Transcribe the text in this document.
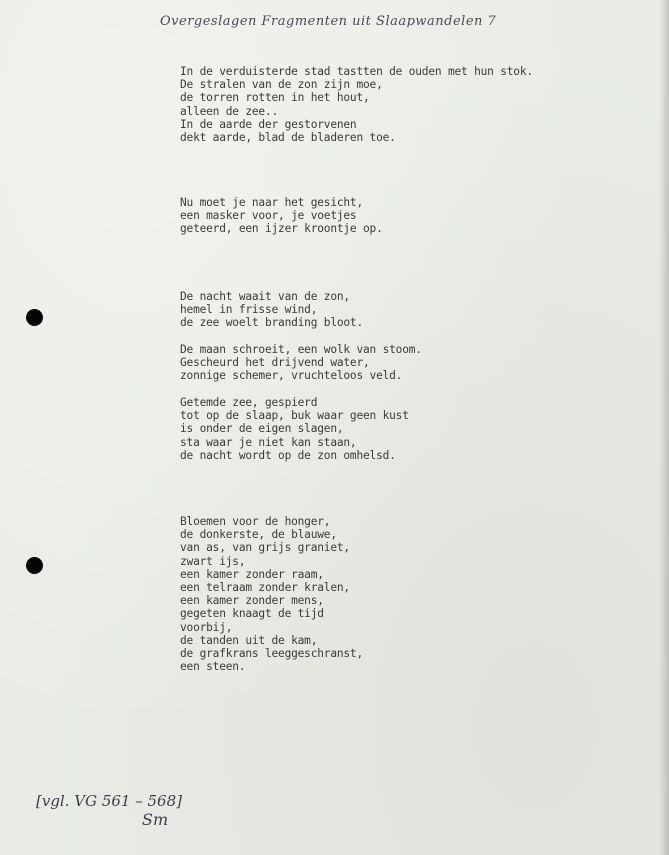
Overgeslagen Fragmenten uit Slaapwandelen 7
In de verduisterde stad tastten de ouden met hun stok.
De stralen van de zon zijn moe,
de torren rotten in het hout,
alleen de zee..
In de aarde der gestorvenen
dekt aarde, blad de bladeren toe.
Nu moet je naar het gesicht,
een masker voor, je voetjes
geteerd, een ijzer kroontje op.
De nacht waait van de zon,
hemel in frisse wind,
de zee woelt branding bloot.
De maan schroeit, een wolk van stoom.
Gescheurd het drijvend water,
zonnige schemer, vruchteloos veld.
Getemde zee, gespierd
tot op de slaap, buk waar geen kust
is onder de eigen slagen,
sta waar je niet kan staan,
de nacht wordt op de zon omhelsd.
Bloemen voor de honger,
de donkerste, de blauwe,
van as, van grijs graniet,
zwart ijs,
een kamer zonder raam,
een telraam zonder kralen,
een kamer zonder mens,
gegeten knaagt de tijd
voorbij,
de tanden uit de kam,
de grafkrans leeggeschranst,
een steen.
[vgl. VG 561 – 568]
Sm
